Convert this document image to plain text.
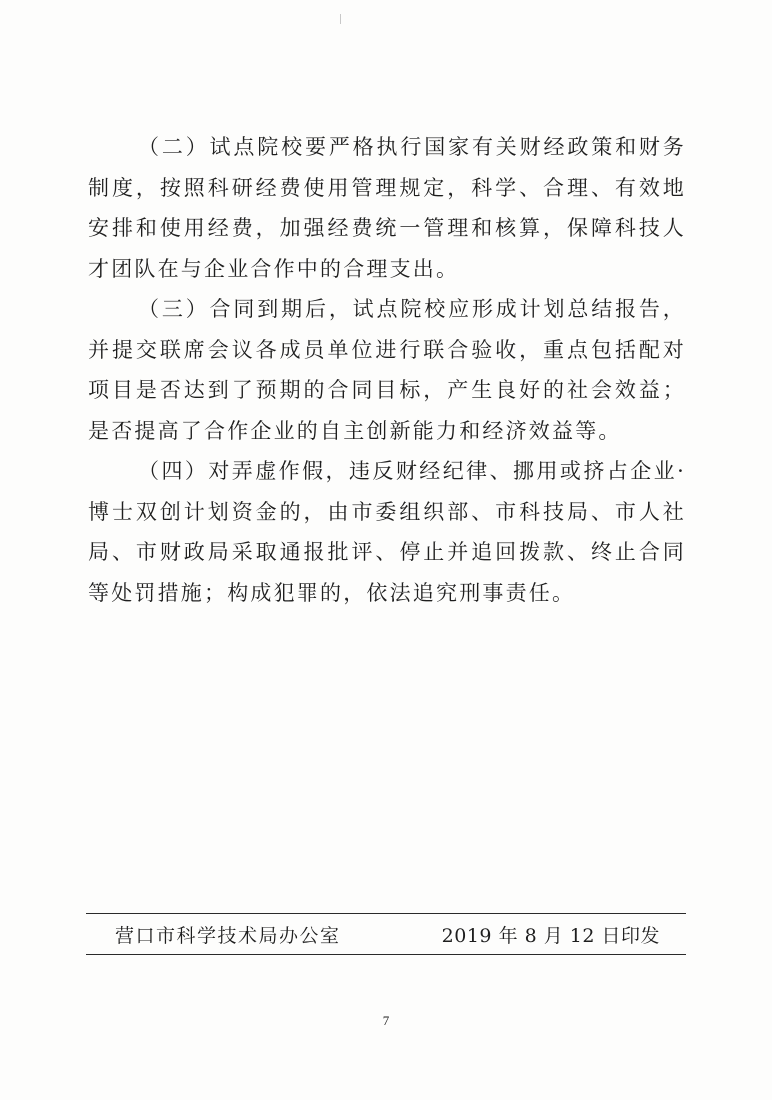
（二）试点院校要严格执行国家有关财经政策和财务制度，按照科研经费使用管理规定，科学、合理、有效地安排和使用经费，加强经费统一管理和核算，保障科技人才团队在与企业合作中的合理支出。

（三）合同到期后，试点院校应形成计划总结报告，并提交联席会议各成员单位进行联合验收，重点包括配对项目是否达到了预期的合同目标，产生良好的社会效益；是否提高了合作企业的自主创新能力和经济效益等。

（四）对弄虚作假，违反财经纪律、挪用或挤占企业·博士双创计划资金的，由市委组织部、市科技局、市人社局、市财政局采取通报批评、停止并追回拨款、终止合同等处罚措施；构成犯罪的，依法追究刑事责任。

营口市科学技术局办公室	2019 年 8 月 12 日印发
7
